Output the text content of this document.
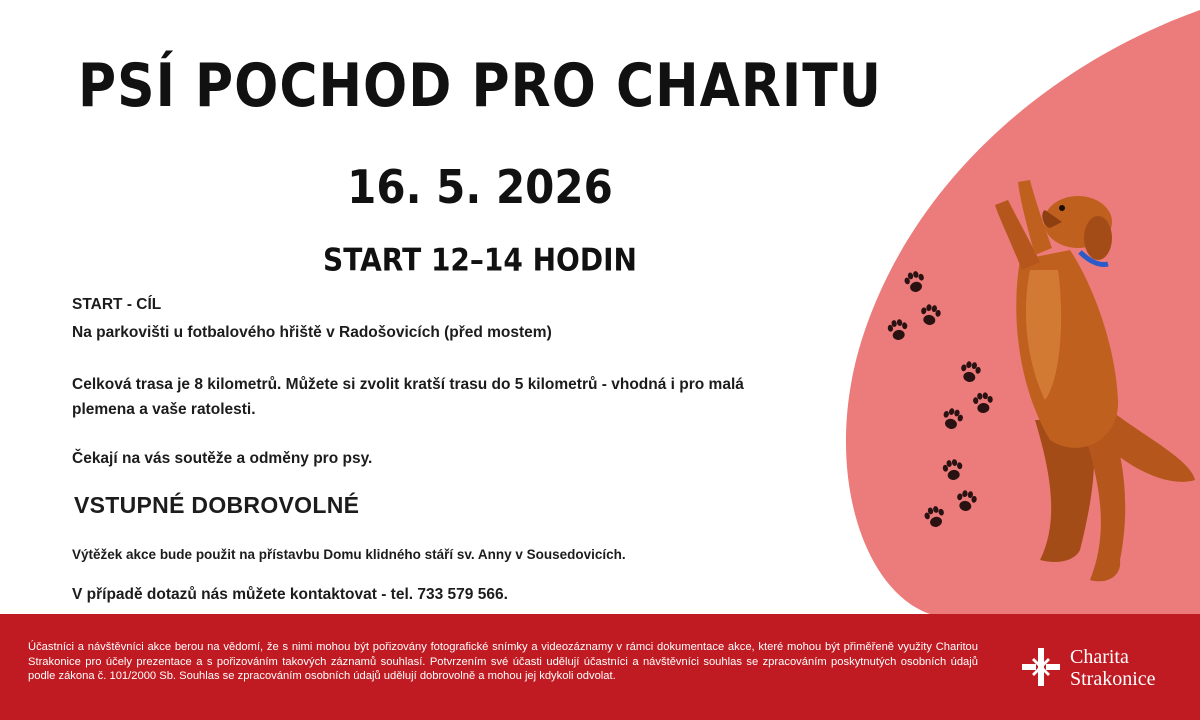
PSÍ POCHOD PRO CHARITU
16. 5. 2026
START 12–14 HODIN
START - CÍL
Na parkovišti u fotbalového hřiště v Radošovicích (před mostem)
Celková trasa je 8 kilometrů. Můžete si zvolit kratší trasu do 5 kilometrů - vhodná i pro malá plemena a vaše ratolesti.
Čekají na vás soutěže a odměny pro psy.
VSTUPNÉ DOBROVOLNÉ
Výtěžek akce bude použit na přístavbu Domu klidného stáří sv. Anny v Sousedovicích.
V případě dotazů nás můžete kontaktovat - tel. 733 579 566.
Účastníci a návštěvníci akce berou na vědomí, že s nimi mohou být pořizovány fotografické snímky a videozáznamy v rámci dokumentace akce, které mohou být přiměřeně využity Charitou Strakonice pro účely prezentace a s pořizováním takových záznamů souhlasí. Potvrzením své účasti udělují účastníci a návštěvníci souhlas se zpracováním poskytnutých osobních údajů podle zákona č. 101/2000 Sb. Souhlas se zpracováním osobních údajů udělují dobrovolně a mohou jej kdykoli odvolat.
Charita
Strakonice
